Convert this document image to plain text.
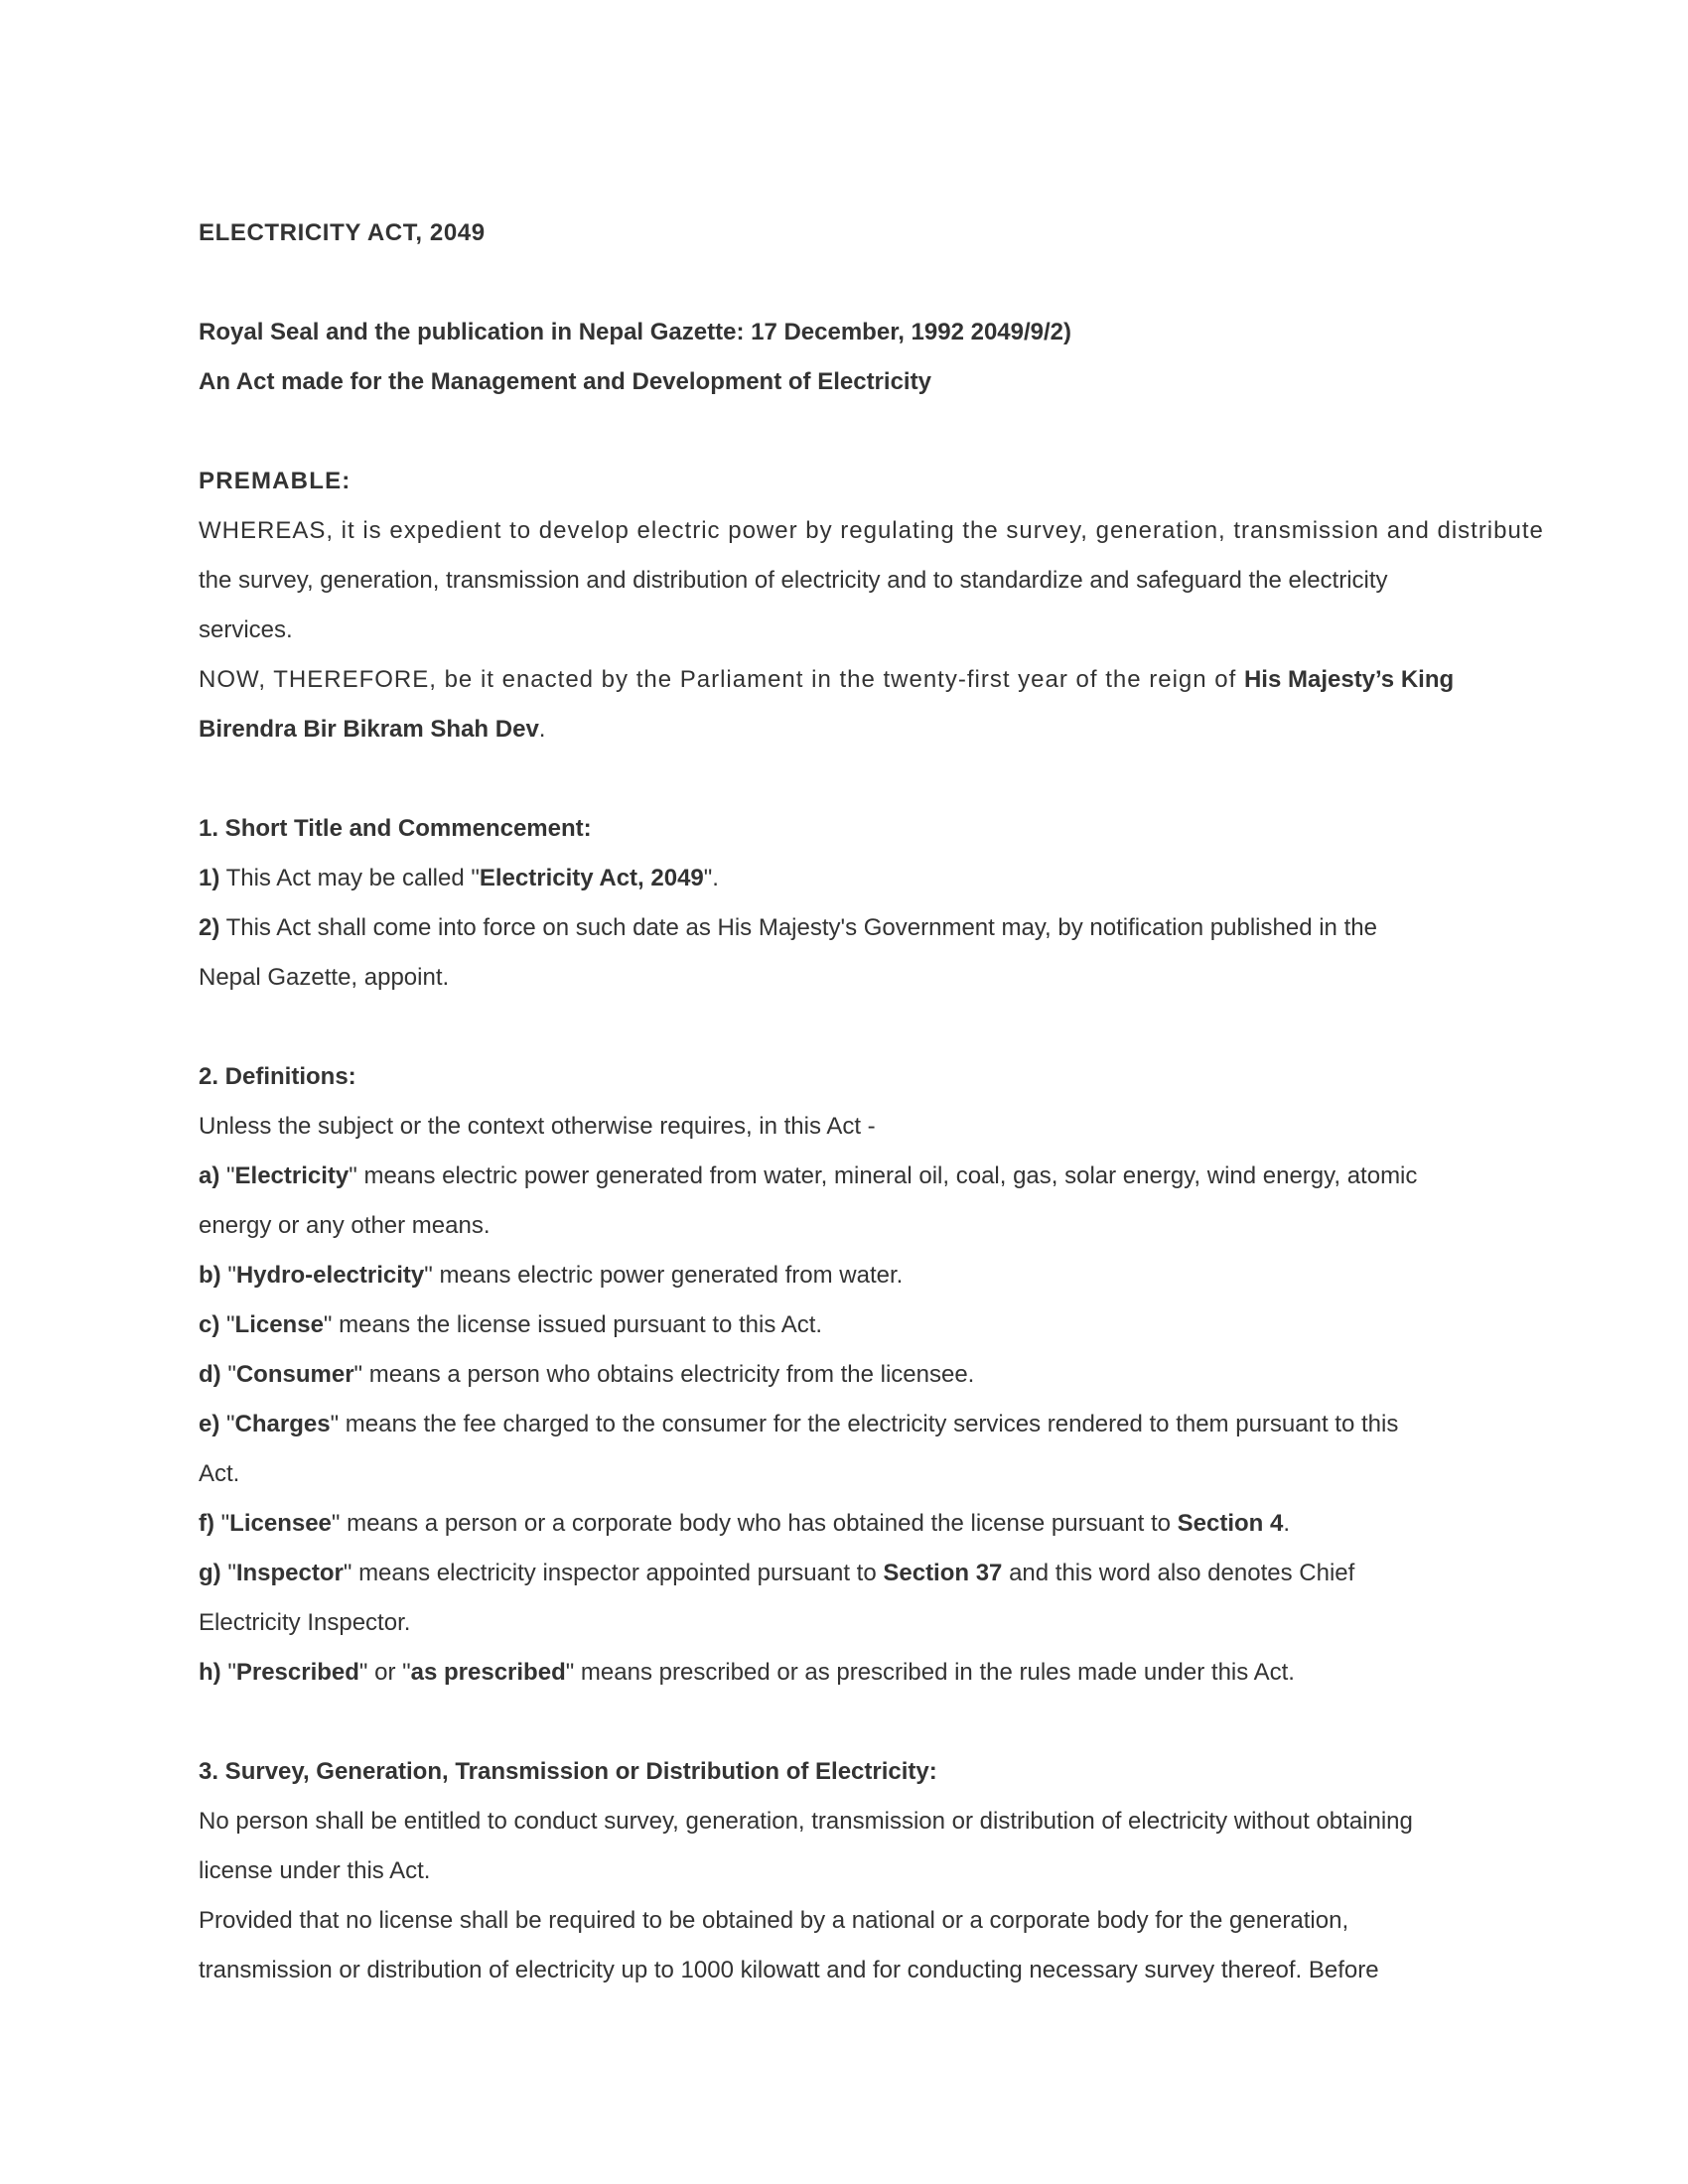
ELECTRICITY ACT, 2049
Royal Seal and the publication in Nepal Gazette: 17 December, 1992 2049/9/2)
An Act made for the Management and Development of Electricity
PREMABLE:
WHEREAS, it is expedient to develop electric power by regulating the survey, generation, transmission and distribute
the survey, generation, transmission and distribution of electricity and to standardize and safeguard the electricity
services.
NOW, THEREFORE, be it enacted by the Parliament in the twenty-first year of the reign of His Majesty’s King
Birendra Bir Bikram Shah Dev.
1. Short Title and Commencement:
1) This Act may be called "Electricity Act, 2049".
2) This Act shall come into force on such date as His Majesty's Government may, by notification published in the
Nepal Gazette, appoint.
2. Definitions:
Unless the subject or the context otherwise requires, in this Act -
a) "Electricity" means electric power generated from water, mineral oil, coal, gas, solar energy, wind energy, atomic
energy or any other means.
b) "Hydro-electricity" means electric power generated from water.
c) "License" means the license issued pursuant to this Act.
d) "Consumer" means a person who obtains electricity from the licensee.
e) "Charges" means the fee charged to the consumer for the electricity services rendered to them pursuant to this
Act.
f) "Licensee" means a person or a corporate body who has obtained the license pursuant to Section 4.
g) "Inspector" means electricity inspector appointed pursuant to Section 37 and this word also denotes Chief
Electricity Inspector.
h) "Prescribed" or "as prescribed" means prescribed or as prescribed in the rules made under this Act.
3. Survey, Generation, Transmission or Distribution of Electricity:
No person shall be entitled to conduct survey, generation, transmission or distribution of electricity without obtaining
license under this Act.
Provided that no license shall be required to be obtained by a national or a corporate body for the generation,
transmission or distribution of electricity up to 1000 kilowatt and for conducting necessary survey thereof. Before
